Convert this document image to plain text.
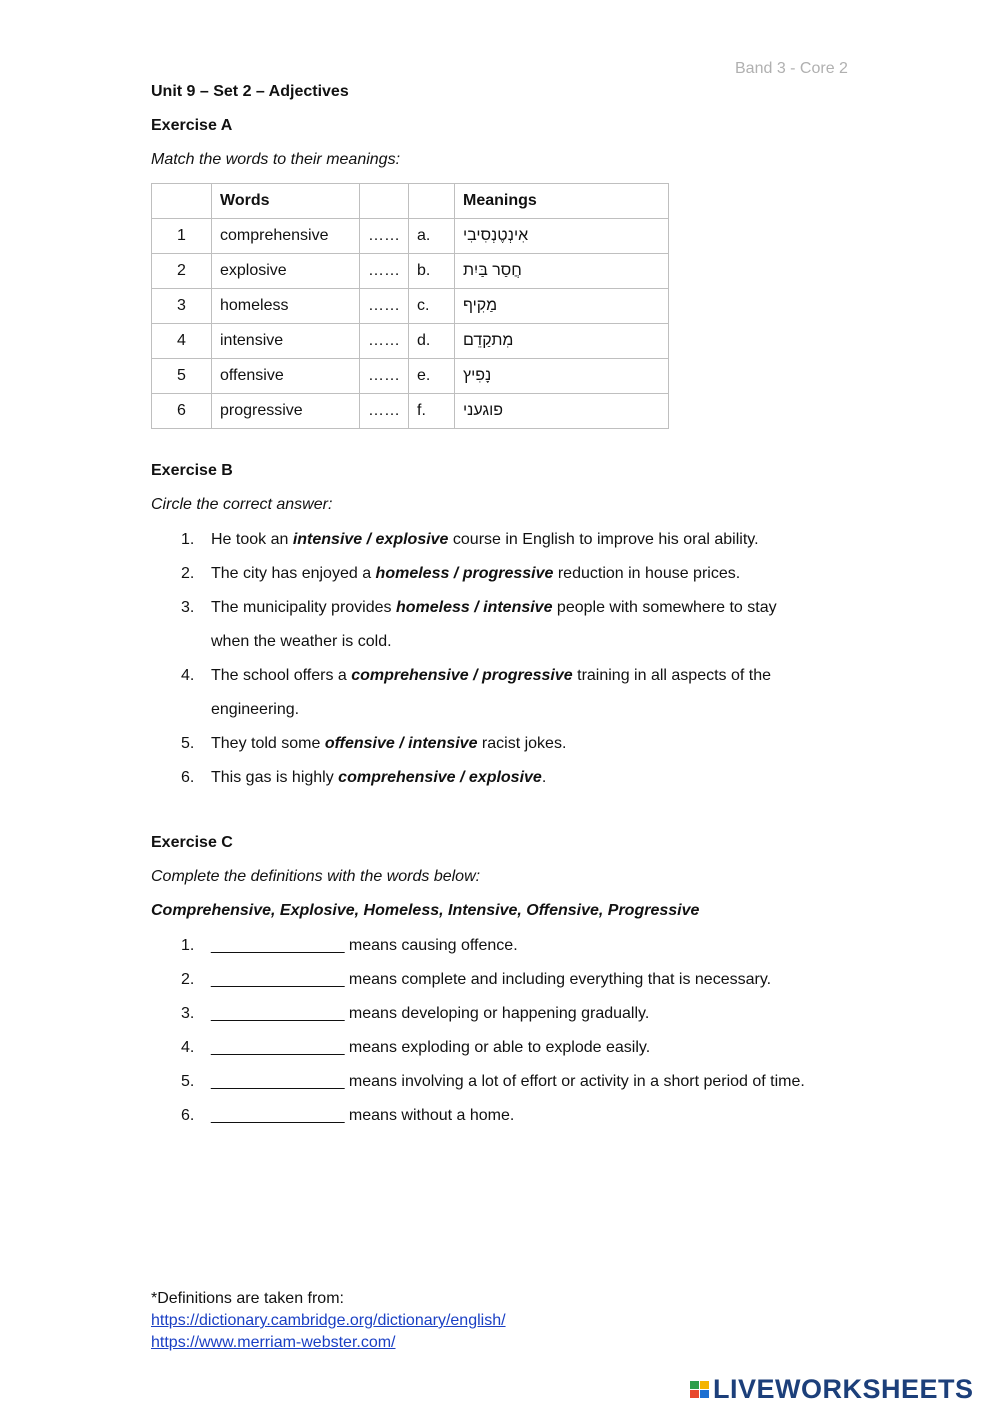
Band 3 - Core 2
Unit 9 – Set 2 – Adjectives
Exercise A
Match the words to their meanings:
	Words			Meanings
1	comprehensive	……	a.	אִינְטֶנְסִיבִי
2	explosive	……	b.	חֲסַר בַּיִת
3	homeless	……	c.	מַקִיף
4	intensive	……	d.	מִתקַדֵם
5	offensive	……	e.	נָפִיץ
6	progressive	……	f.	פוגעני
Exercise B
Circle the correct answer:
1. He took an intensive / explosive course in English to improve his oral ability.
2. The city has enjoyed a homeless / progressive reduction in house prices.
3. The municipality provides homeless / intensive people with somewhere to stay when the weather is cold.
4. The school offers a comprehensive / progressive training in all aspects of the engineering.
5. They told some offensive / intensive racist jokes.
6. This gas is highly comprehensive / explosive.
Exercise C
Complete the definitions with the words below:
Comprehensive, Explosive, Homeless, Intensive, Offensive, Progressive
1. _______________ means causing offence.
2. _______________ means complete and including everything that is necessary.
3. _______________ means developing or happening gradually.
4. _______________ means exploding or able to explode easily.
5. _______________ means involving a lot of effort or activity in a short period of time.
6. _______________ means without a home.
*Definitions are taken from:
https://dictionary.cambridge.org/dictionary/english/
https://www.merriam-webster.com/
LIVEWORKSHEETS
